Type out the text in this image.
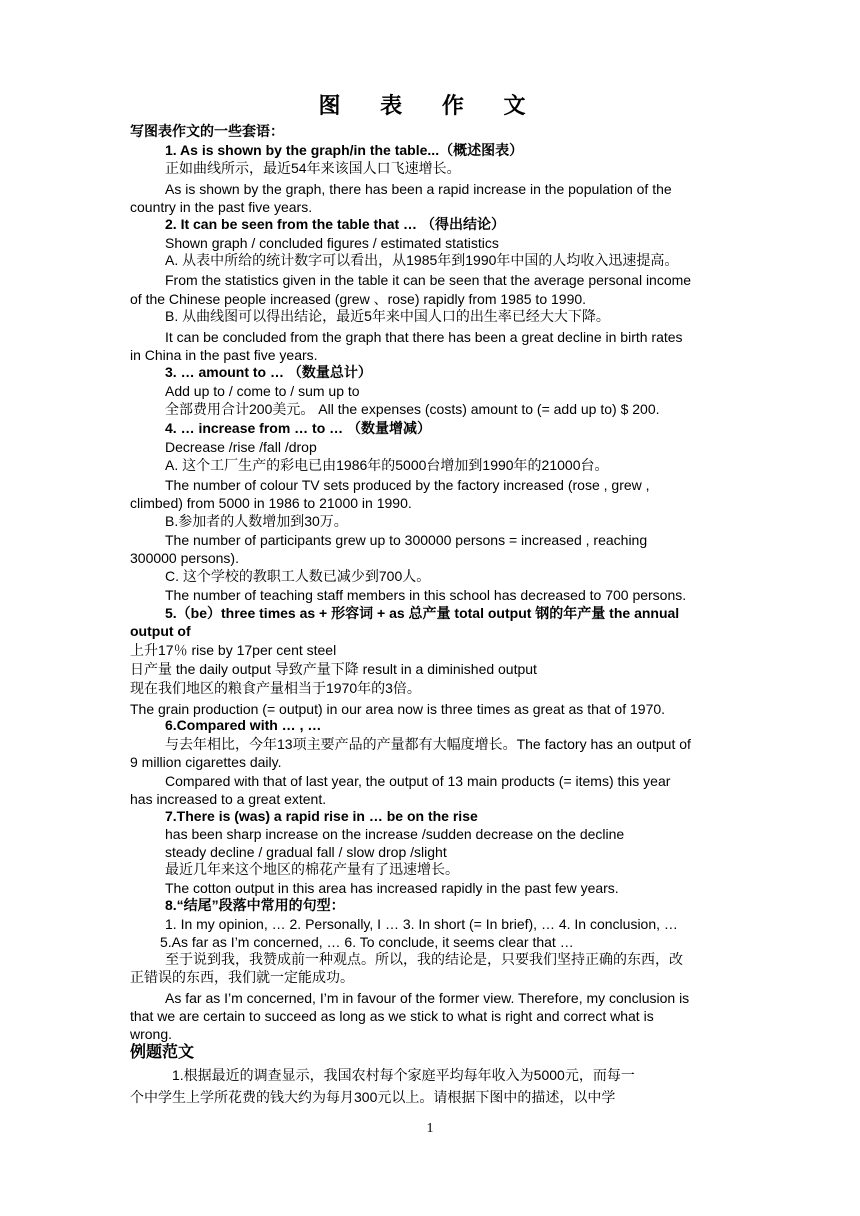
图 表 作 文
写图表作文的一些套语：
1. As is shown by the graph/in the table...（概述图表）
正如曲线所示，最近54年来该国人口飞速增长。
As is shown by the graph, there has been a rapid increase in the population of the
country in the past five years.
2. It can be seen from the table that … （得出结论）
Shown graph / concluded figures / estimated statistics
A. 从表中所给的统计数字可以看出，从1985年到1990年中国的人均收入迅速提高。
From the statistics given in the table it can be seen that the average personal income
of the Chinese people increased (grew 、rose) rapidly from 1985 to 1990.
B. 从曲线图可以得出结论，最近5年来中国人口的出生率已经大大下降。
It can be concluded from the graph that there has been a great decline in birth rates
in China in the past five years.
3. … amount to … （数量总计）
Add up to / come to / sum up to
全部费用合计200美元。 All the expenses (costs) amount to (= add up to) $ 200.
4. … increase from … to … （数量增减）
Decrease /rise /fall /drop
A. 这个工厂生产的彩电已由1986年的5000台增加到1990年的21000台。
The number of colour TV sets produced by the factory increased (rose , grew ,
climbed) from 5000 in 1986 to 21000 in 1990.
B.参加者的人数增加到30万。
The number of participants grew up to 300000 persons = increased , reaching
300000 persons).
C. 这个学校的教职工人数已减少到700人。
The number of teaching staff members in this school has decreased to 700 persons.
5.（be）three times as + 形容词 + as 总产量 total output 钢的年产量 the annual
output of
上升17％ rise by 17per cent steel
日产量 the daily output 导致产量下降 result in a diminished output
现在我们地区的粮食产量相当于1970年的3倍。
The grain production (= output) in our area now is three times as great as that of 1970.
6.Compared with … , …
与去年相比，今年13项主要产品的产量都有大幅度增长。The factory has an output of
9 million cigarettes daily.
Compared with that of last year, the output of 13 main products (= items) this year
has increased to a great extent.
7.There is (was) a rapid rise in … be on the rise
has been sharp increase on the increase /sudden decrease on the decline
steady decline / gradual fall / slow drop /slight
最近几年来这个地区的棉花产量有了迅速增长。
The cotton output in this area has increased rapidly in the past few years.
8.“结尾”段落中常用的句型：
1. In my opinion, … 2. Personally, I … 3. In short (= In brief), … 4. In conclusion, …
5.As far as I’m concerned, … 6. To conclude, it seems clear that …
至于说到我，我赞成前一种观点。所以，我的结论是，只要我们坚持正确的东西，改
正错误的东西，我们就一定能成功。
As far as I’m concerned, I’m in favour of the former view. Therefore, my conclusion is
that we are certain to succeed as long as we stick to what is right and correct what is
wrong.
例题范文
1.根据最近的调查显示，我国农村每个家庭平均每年收入为5000元，而每一
个中学生上学所花费的钱大约为每月300元以上。请根据下图中的描述，以中学
1
